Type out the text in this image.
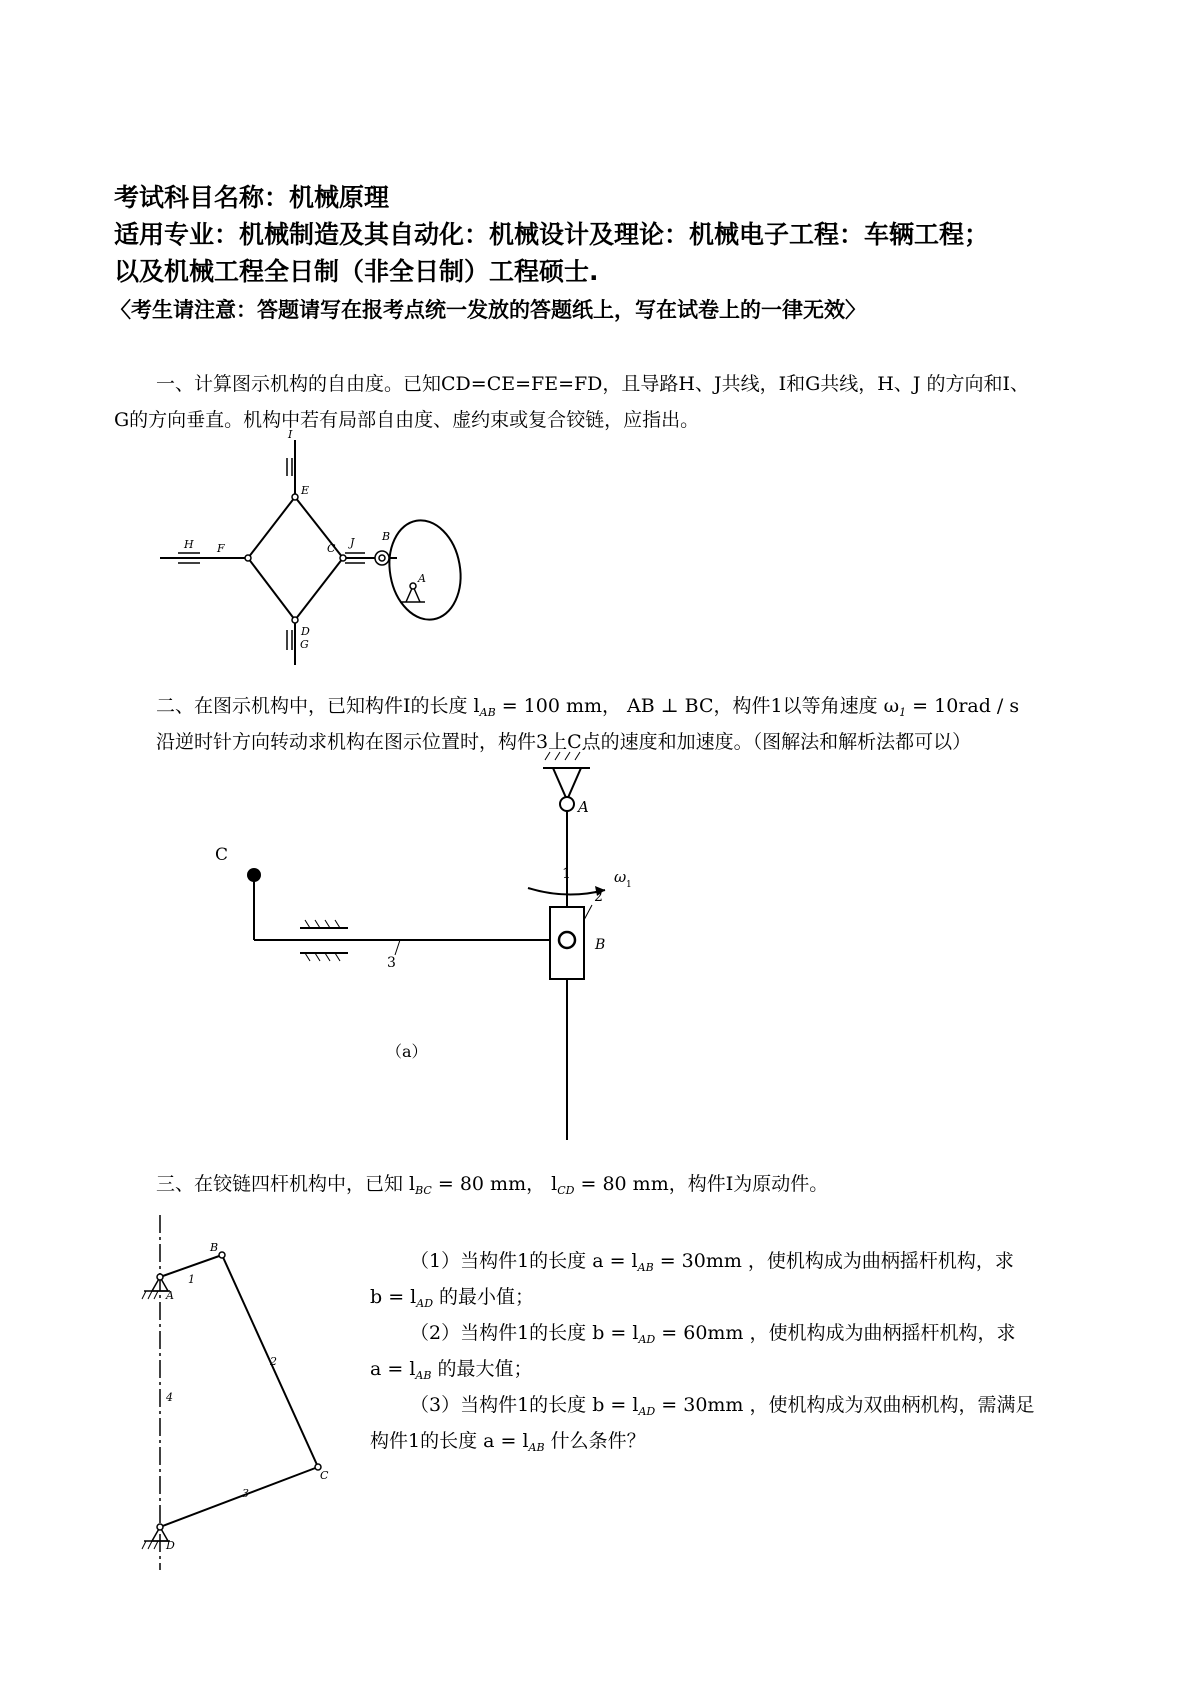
考试科目名称：机械原理
适用专业：机械制造及其自动化：机械设计及理论：机械电子工程：车辆工程；
以及机械工程全日制（非全日制）工程硕士.
〈考生请注意：答题请写在报考点统一发放的答题纸上，写在试卷上的一律无效〉
一、计算图示机构的自由度。已知CD=CE=FE=FD，且导路H、J共线，I和G共线，H、J 的方向和I、
G的方向垂直。机构中若有局部自由度、虚约束或复合铰链，应指出。
I
E
H F	C J	B
A
D
G
二、在图示机构中，已知构件I的长度 $l_{AB} = 100$ mm， AB ⊥ BC，构件1以等角速度 $\omega_1 = 10rad / s$
沿逆时针方向转动求机构在图示位置时，构件3上C点的速度和加速度。（图解法和解析法都可以）
A
C
1	ω 1
2
B
3
（a）
三、在铰链四杆机构中，已知 $l_{BC} = 80$ mm， $l_{CD} = 80$ mm，构件I为原动件。
（1）当构件1的长度 $a = l_{AB} = 30mm$ ，使机构成为曲柄摇杆机构，求
$b = l_{AD}$ 的最小值；
（2）当构件1的长度 $b = l_{AD} = 60mm$ ，使机构成为曲柄摇杆机构，求
$a = l_{AB}$ 的最大值；
（3）当构件1的长度 $b = l_{AD} = 30mm$ ，使机构成为双曲柄机构，需满足
构件1的长度 $a = l_{AB}$ 什么条件？
B
A
1
2
4
C
3
D
